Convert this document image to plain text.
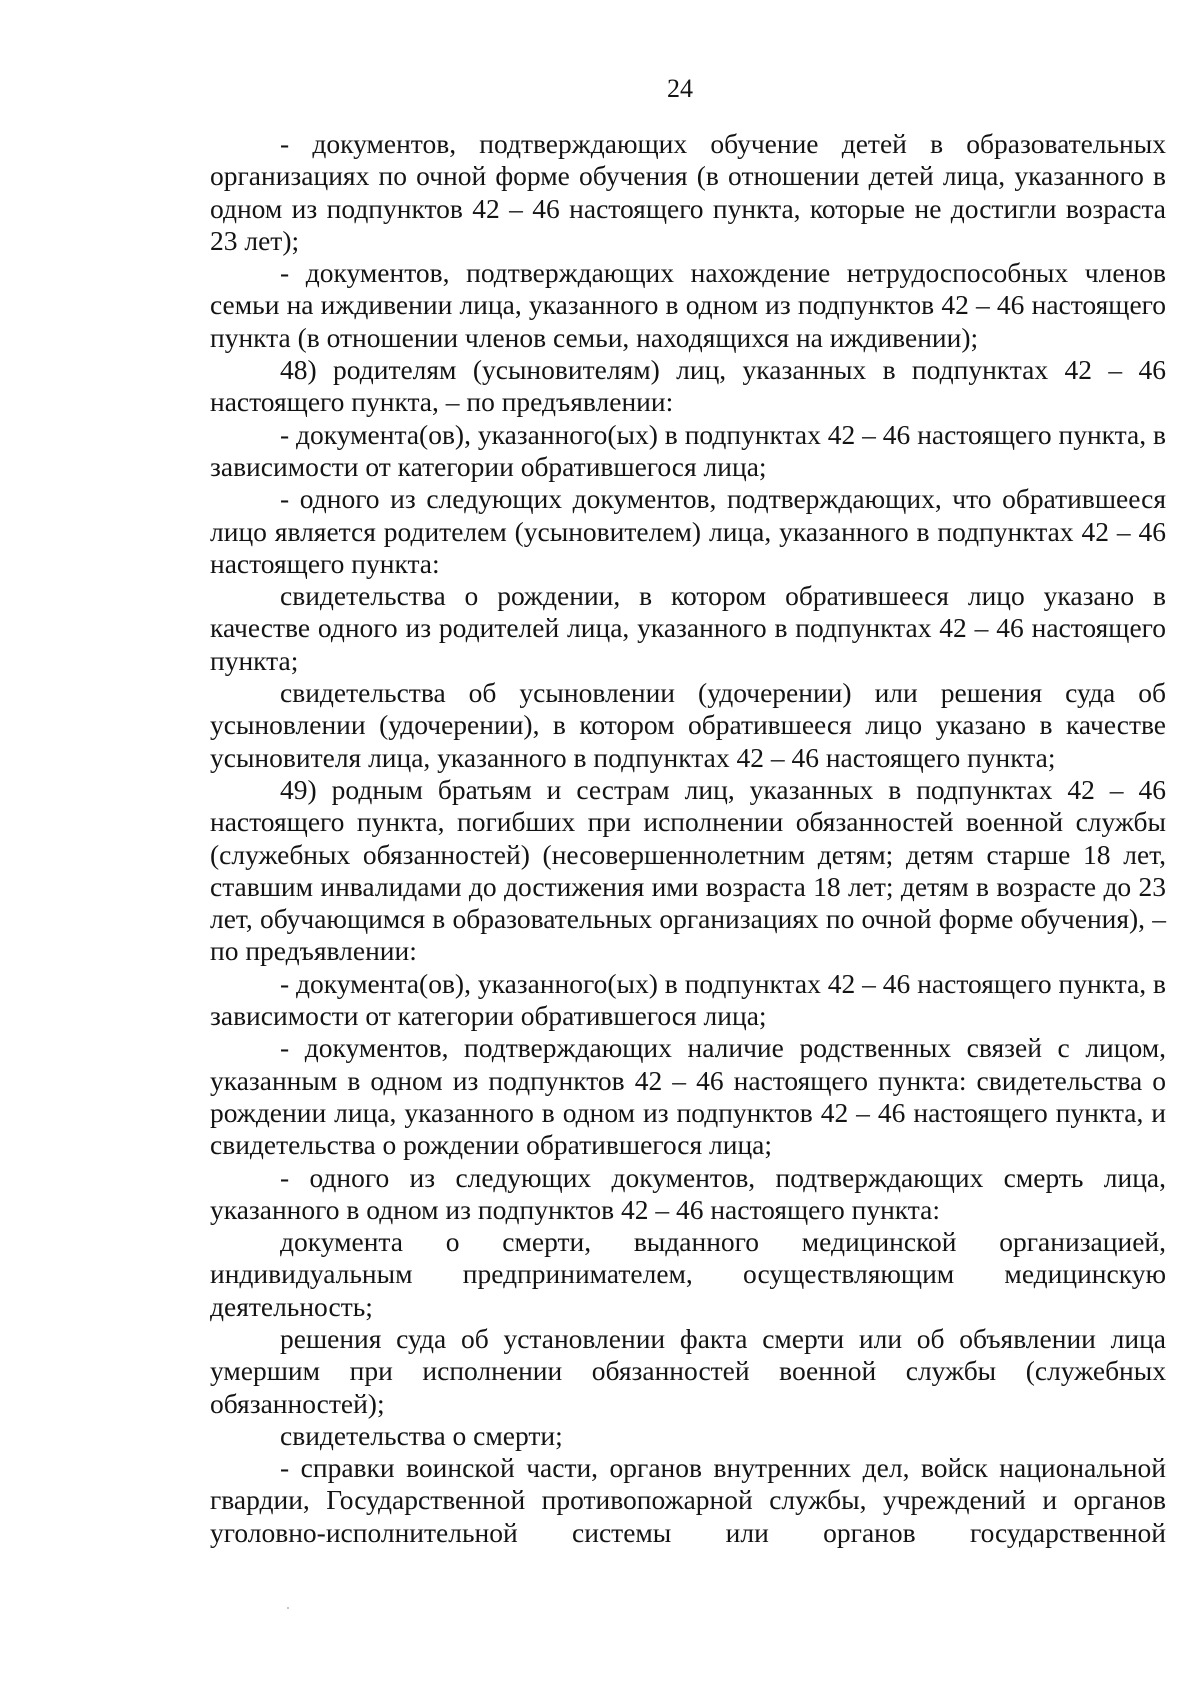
24

- документов, подтверждающих обучение детей в образовательных организациях по очной форме обучения (в отношении детей лица, указанного в одном из подпунктов 42 – 46 настоящего пункта, которые не достигли возраста 23 лет);

- документов, подтверждающих нахождение нетрудоспособных членов семьи на иждивении лица, указанного в одном из подпунктов 42 – 46 настоящего пункта (в отношении членов семьи, находящихся на иждивении);

48) родителям (усыновителям) лиц, указанных в подпунктах 42 – 46 настоящего пункта, – по предъявлении:

- документа(ов), указанного(ых) в подпунктах 42 – 46 настоящего пункта, в зависимости от категории обратившегося лица;

- одного из следующих документов, подтверждающих, что обратившееся лицо является родителем (усыновителем) лица, указанного в подпунктах 42 – 46 настоящего пункта:

свидетельства о рождении, в котором обратившееся лицо указано в качестве одного из родителей лица, указанного в подпунктах 42 – 46 настоящего пункта;

свидетельства об усыновлении (удочерении) или решения суда об усыновлении (удочерении), в котором обратившееся лицо указано в качестве усыновителя лица, указанного в подпунктах 42 – 46 настоящего пункта;

49) родным братьям и сестрам лиц, указанных в подпунктах 42 – 46 настоящего пункта, погибших при исполнении обязанностей военной службы (служебных обязанностей) (несовершеннолетним детям; детям старше 18 лет, ставшим инвалидами до достижения ими возраста 18 лет; детям в возрасте до 23 лет, обучающимся в образовательных организациях по очной форме обучения), – по предъявлении:

- документа(ов), указанного(ых) в подпунктах 42 – 46 настоящего пункта, в зависимости от категории обратившегося лица;

- документов, подтверждающих наличие родственных связей с лицом, указанным в одном из подпунктов 42 – 46 настоящего пункта: свидетельства о рождении лица, указанного в одном из подпунктов 42 – 46 настоящего пункта, и свидетельства о рождении обратившегося лица;

- одного из следующих документов, подтверждающих смерть лица, указанного в одном из подпунктов 42 – 46 настоящего пункта:

документа о смерти, выданного медицинской организацией, индивидуальным предпринимателем, осуществляющим медицинскую деятельность;

решения суда об установлении факта смерти или об объявлении лица умершим при исполнении обязанностей военной службы (служебных обязанностей);

свидетельства о смерти;

- справки воинской части, органов внутренних дел, войск национальной гвардии, Государственной противопожарной службы, учреждений и органов уголовно-исполнительной системы или органов государственной
